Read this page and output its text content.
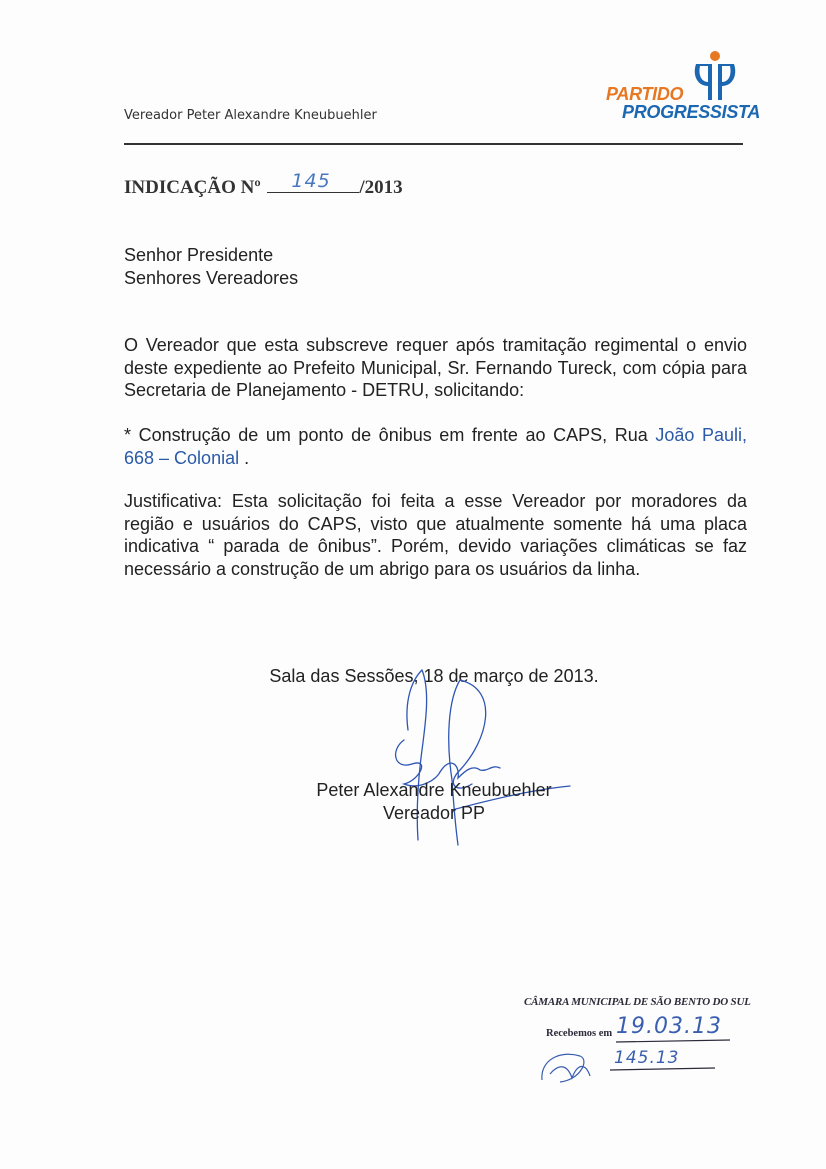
Vereador Peter Alexandre Kneubuehler
PARTIDO
PROGRESSISTA
INDICAÇÃO Nº 145 /2013
Senhor Presidente
Senhores Vereadores
O Vereador que esta subscreve requer após tramitação regimental o envio deste expediente ao Prefeito Municipal, Sr. Fernando Tureck, com cópia para Secretaria de Planejamento - DETRU, solicitando:
* Construção de um ponto de ônibus em frente ao CAPS, Rua João Pauli, 668 – Colonial .
Justificativa: Esta solicitação foi feita a esse Vereador por moradores da região e usuários do CAPS, visto que atualmente somente há uma placa indicativa “ parada de ônibus”. Porém, devido variações climáticas se faz necessário a construção de um abrigo para os usuários da linha.
Sala das Sessões, 18 de março de 2013.
Peter Alexandre Kneubuehler
Vereador PP
CÂMARA MUNICIPAL DE SÃO BENTO DO SUL
Recebemos em 19.03.13
145.13
